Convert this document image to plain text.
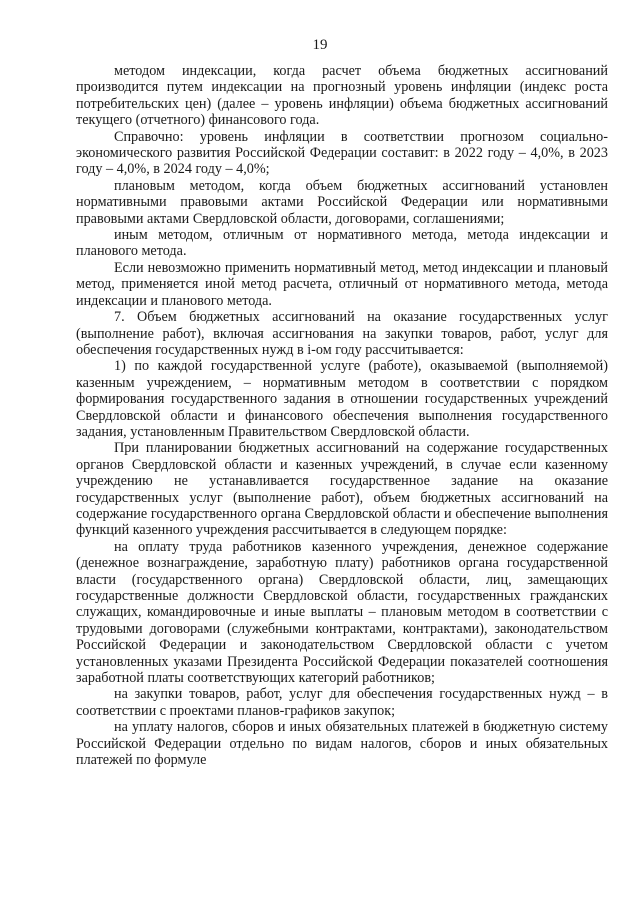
19

методом индексации, когда расчет объема бюджетных ассигнований производится путем индексации на прогнозный уровень инфляции (индекс роста потребительских цен) (далее – уровень инфляции) объема бюджетных ассигнований текущего (отчетного) финансового года.

Справочно: уровень инфляции в соответствии прогнозом социально-экономического развития Российской Федерации составит: в 2022 году – 4,0%, в 2023 году – 4,0%, в 2024 году – 4,0%;

плановым методом, когда объем бюджетных ассигнований установлен нормативными правовыми актами Российской Федерации или нормативными правовыми актами Свердловской области, договорами, соглашениями;

иным методом, отличным от нормативного метода, метода индексации и планового метода.

Если невозможно применить нормативный метод, метод индексации и плановый метод, применяется иной метод расчета, отличный от нормативного метода, метода индексации и планового метода.

7. Объем бюджетных ассигнований на оказание государственных услуг (выполнение работ), включая ассигнования на закупки товаров, работ, услуг для обеспечения государственных нужд в i-ом году рассчитывается:

1) по каждой государственной услуге (работе), оказываемой (выполняемой) казенным учреждением, – нормативным методом в соответствии с порядком формирования государственного задания в отношении государственных учреждений Свердловской области и финансового обеспечения выполнения государственного задания, установленным Правительством Свердловской области.

При планировании бюджетных ассигнований на содержание государственных органов Свердловской области и казенных учреждений, в случае если казенному учреждению не устанавливается государственное задание на оказание государственных услуг (выполнение работ), объем бюджетных ассигнований на содержание государственного органа Свердловской области и обеспечение выполнения функций казенного учреждения рассчитывается в следующем порядке:

на оплату труда работников казенного учреждения, денежное содержание (денежное вознаграждение, заработную плату) работников органа государственной власти (государственного органа) Свердловской области, лиц, замещающих государственные должности Свердловской области, государственных гражданских служащих, командировочные и иные выплаты – плановым методом в соответствии с трудовыми договорами (служебными контрактами, контрактами), законодательством Российской Федерации и законодательством Свердловской области с учетом установленных указами Президента Российской Федерации показателей соотношения заработной платы соответствующих категорий работников;

на закупки товаров, работ, услуг для обеспечения государственных нужд – в соответствии с проектами планов-графиков закупок;

на уплату налогов, сборов и иных обязательных платежей в бюджетную систему Российской Федерации отдельно по видам налогов, сборов и иных обязательных платежей по формуле
